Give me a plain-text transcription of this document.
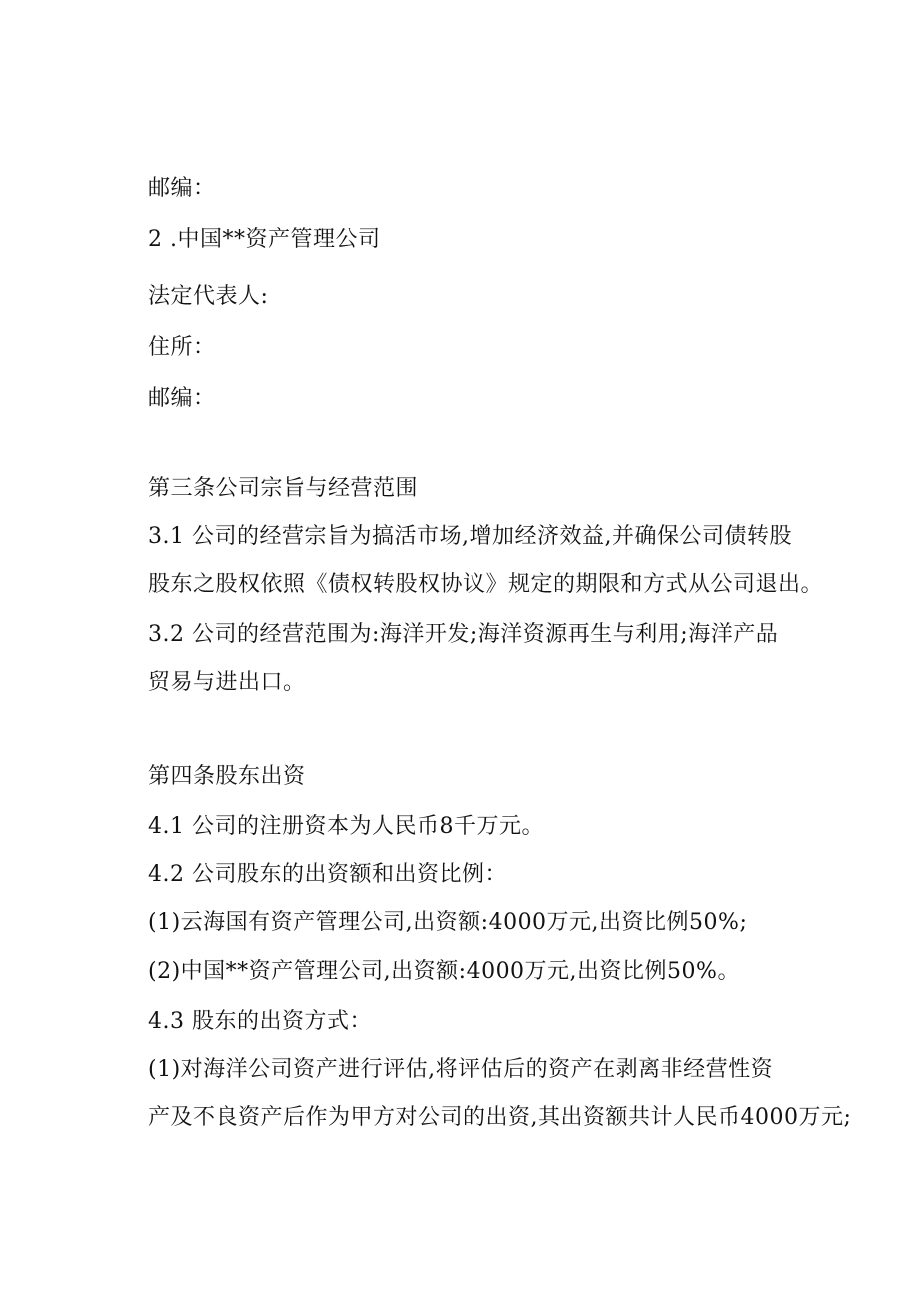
邮编：
2 .中国**资产管理公司
法定代表人:
住所：
邮编：
第三条公司宗旨与经营范围
3.1 公司的经营宗旨为搞活市场,增加经济效益,并确保公司债转股
股东之股权依照《债权转股权协议》规定的期限和方式从公司退出。
3.2 公司的经营范围为:海洋开发;海洋资源再生与利用;海洋产品
贸易与进出口。
第四条股东出资
4.1 公司的注册资本为人民币8千万元。
4.2 公司股东的出资额和出资比例：
(1)云海国有资产管理公司,出资额:4000万元,出资比例50%;
(2)中国**资产管理公司,出资额:4000万元,出资比例50%。
4.3 股东的出资方式：
(1)对海洋公司资产进行评估,将评估后的资产在剥离非经营性资
产及不良资产后作为甲方对公司的出资,其出资额共计人民币4000万元;
